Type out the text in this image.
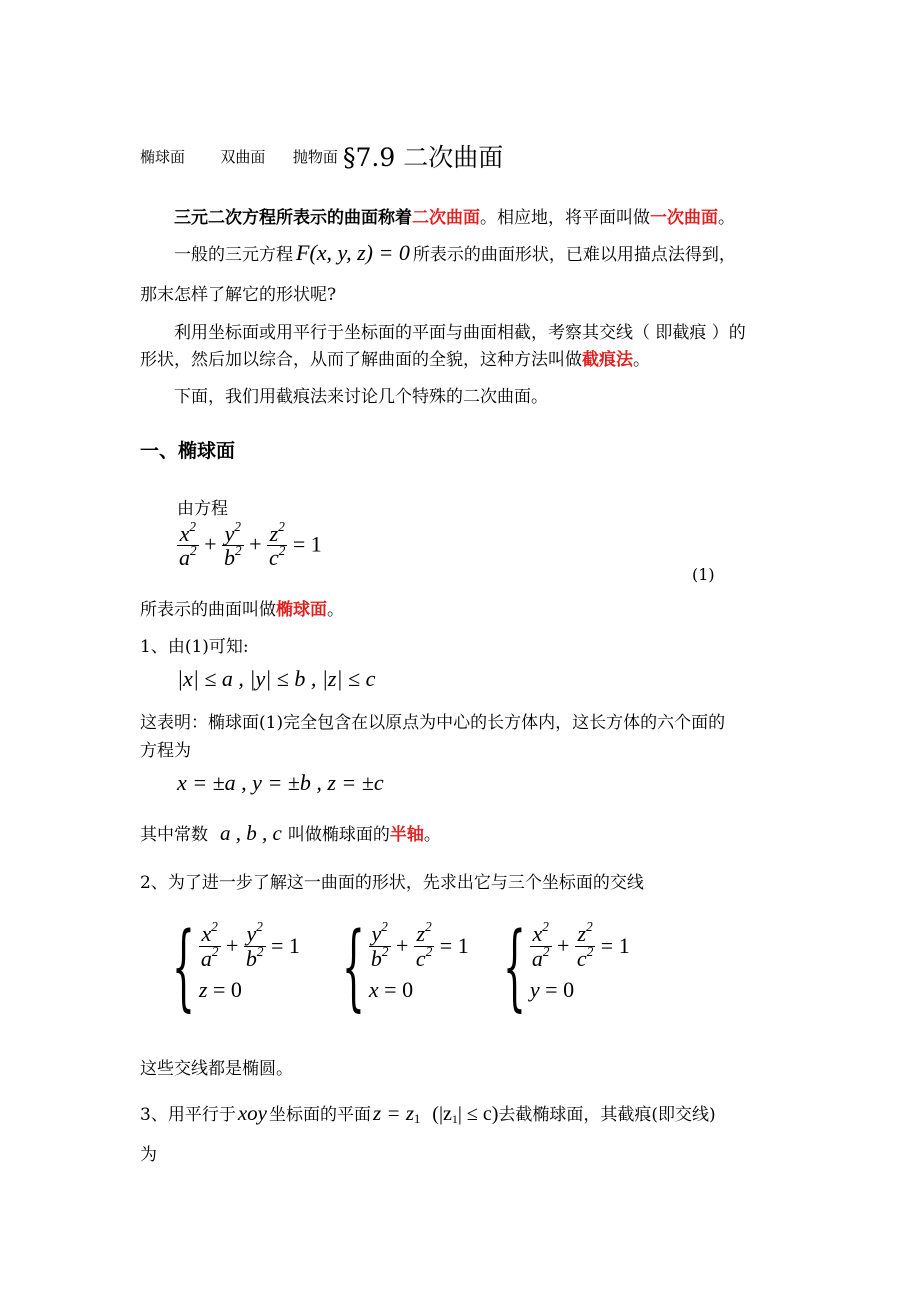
椭球面 双曲面 抛物面 §7.9 二次曲面
三元二次方程所表示的曲面称着二次曲面。相应地，将平面叫做一次曲面。
一般的三元方程 F(x, y, z) = 0 所表示的曲面形状，已难以用描点法得到，
那末怎样了解它的形状呢?
利用坐标面或用平行于坐标面的平面与曲面相截，考察其交线（ 即截痕 ）的
形状，然后加以综合，从而了解曲面的全貌，这种方法叫做截痕法。
下面，我们用截痕法来讨论几个特殊的二次曲面。
一、椭球面
由方程
$\frac{x^2}{a^2} + \frac{y^2}{b^2} + \frac{z^2}{c^2} = 1$
(1)
所表示的曲面叫做椭球面。
1、由(1)可知:
|x| ≤ a , |y| ≤ b , |z| ≤ c
这表明：椭球面(1)完全包含在以原点为中心的长方体内，这长方体的六个面的
方程为
x = ±a , y = ±b , z = ±c
其中常数 a , b , c 叫做椭球面的半轴。
2、为了进一步了解这一曲面的形状，先求出它与三个坐标面的交线
{ $\frac{x^2}{a^2} + \frac{y^2}{b^2} = 1$
z = 0	{ $\frac{y^2}{b^2} + \frac{z^2}{c^2} = 1$
x = 0 { $\frac{x^2}{a^2} + \frac{z^2}{c^2} = 1$
y = 0
这些交线都是椭圆。
3、用平行于xoy 坐标面的平面$z = z_1$ $(|z_1| \le c)$去截椭球面，其截痕(即交线)
为
